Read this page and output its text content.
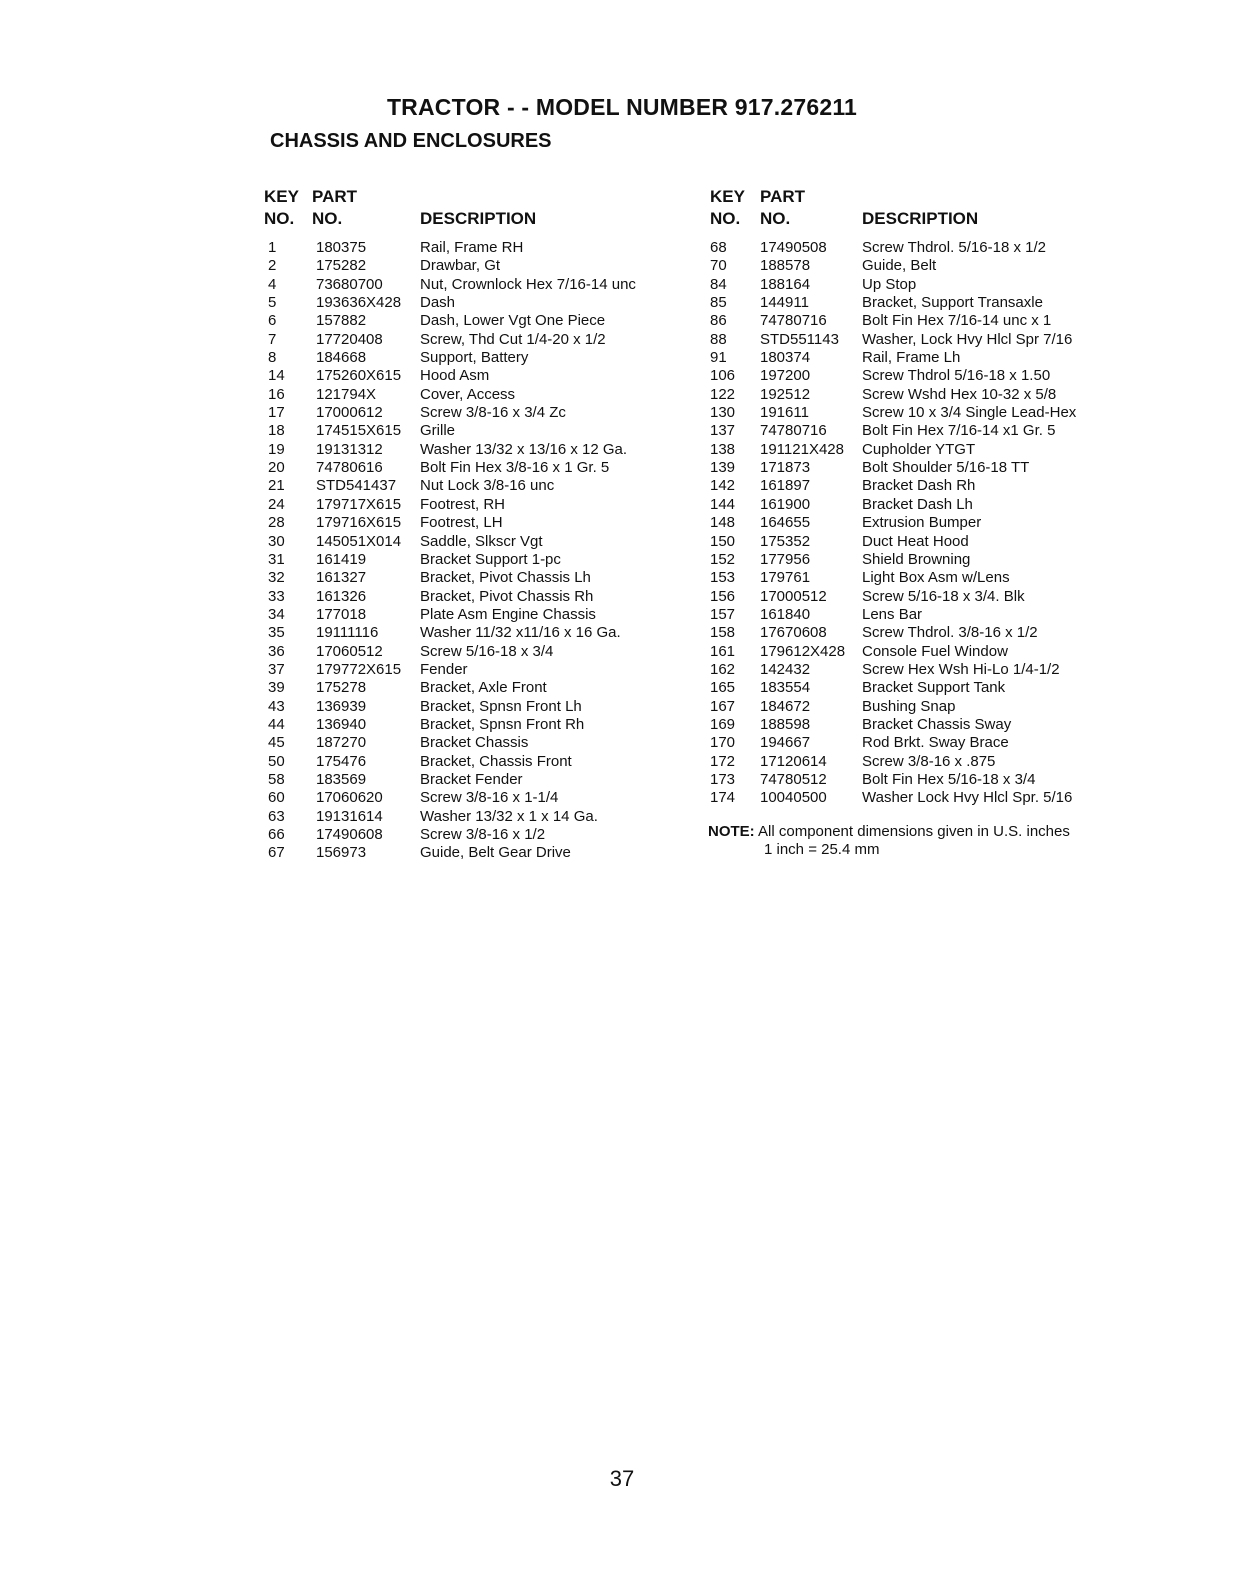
TRACTOR - - MODEL NUMBER 917.276211
CHASSIS AND ENCLOSURES
KEY PART
NO. NO.	DESCRIPTION
1	180375	Rail, Frame RH
2	175282	Drawbar, Gt
4	73680700 Nut, Crownlock Hex 7/16-14 unc
5	193636X428 Dash
6	157882	Dash, Lower Vgt One Piece
7	17720408 Screw, Thd Cut 1/4-20 x 1/2
8	184668	Support, Battery
14 175260X615 Hood Asm
16 121794X	Cover, Access
17 17000612 Screw 3/8-16 x 3/4 Zc
18 174515X615 Grille
19 19131312 Washer 13/32 x 13/16 x 12 Ga.
20 74780616 Bolt Fin Hex 3/8-16 x 1 Gr. 5
21 STD541437 Nut Lock 3/8-16 unc
24 179717X615 Footrest, RH
28 179716X615 Footrest, LH
30 145051X014 Saddle, Slkscr Vgt
31 161419	Bracket Support 1-pc
32 161327	Bracket, Pivot Chassis Lh
33 161326	Bracket, Pivot Chassis Rh
34 177018	Plate Asm Engine Chassis
35 19111116	Washer 11/32 x11/16 x 16 Ga.
36 17060512 Screw 5/16-18 x 3/4
37 179772X615 Fender
39 175278	Bracket, Axle Front
43 136939	Bracket, Spnsn Front Lh
44 136940	Bracket, Spnsn Front Rh
45 187270	Bracket Chassis
50 175476	Bracket, Chassis Front
58 183569	Bracket Fender
60 17060620 Screw 3/8-16 x 1-1/4
63 19131614 Washer 13/32 x 1 x 14 Ga.
66 17490608 Screw 3/8-16 x 1/2
67 156973	Guide, Belt Gear Drive
KEY PART
NO. NO.	DESCRIPTION
68 17490508 Screw Thdrol. 5/16-18 x 1/2
70 188578	Guide, Belt
84 188164	Up Stop
85 144911	Bracket, Support Transaxle
86 74780716 Bolt Fin Hex 7/16-14 unc x 1
88 STD551143 Washer, Lock Hvy Hlcl Spr 7/16
91 180374	Rail, Frame Lh
106 197200	Screw Thdrol 5/16-18 x 1.50
122 192512	Screw Wshd Hex 10-32 x 5/8
130 191611	Screw 10 x 3/4 Single Lead-Hex
137 74780716 Bolt Fin Hex 7/16-14 x1 Gr. 5
138 191121X428 Cupholder YTGT
139 171873	Bolt Shoulder 5/16-18 TT
142 161897	Bracket Dash Rh
144 161900	Bracket Dash Lh
148 164655	Extrusion Bumper
150 175352	Duct Heat Hood
152 177956	Shield Browning
153 179761	Light Box Asm w/Lens
156 17000512 Screw 5/16-18 x 3/4. Blk
157 161840	Lens Bar
158 17670608 Screw Thdrol. 3/8-16 x 1/2
161 179612X428 Console Fuel Window
162 142432	Screw Hex Wsh Hi-Lo 1/4-1/2
165 183554	Bracket Support Tank
167 184672	Bushing Snap
169 188598	Bracket Chassis Sway
170 194667	Rod Brkt. Sway Brace
172 17120614 Screw 3/8-16 x .875
173 74780512 Bolt Fin Hex 5/16-18 x 3/4
174 10040500 Washer Lock Hvy Hlcl Spr. 5/16
NOTE: All component dimensions given in U.S. inches
1 inch = 25.4 mm
37
